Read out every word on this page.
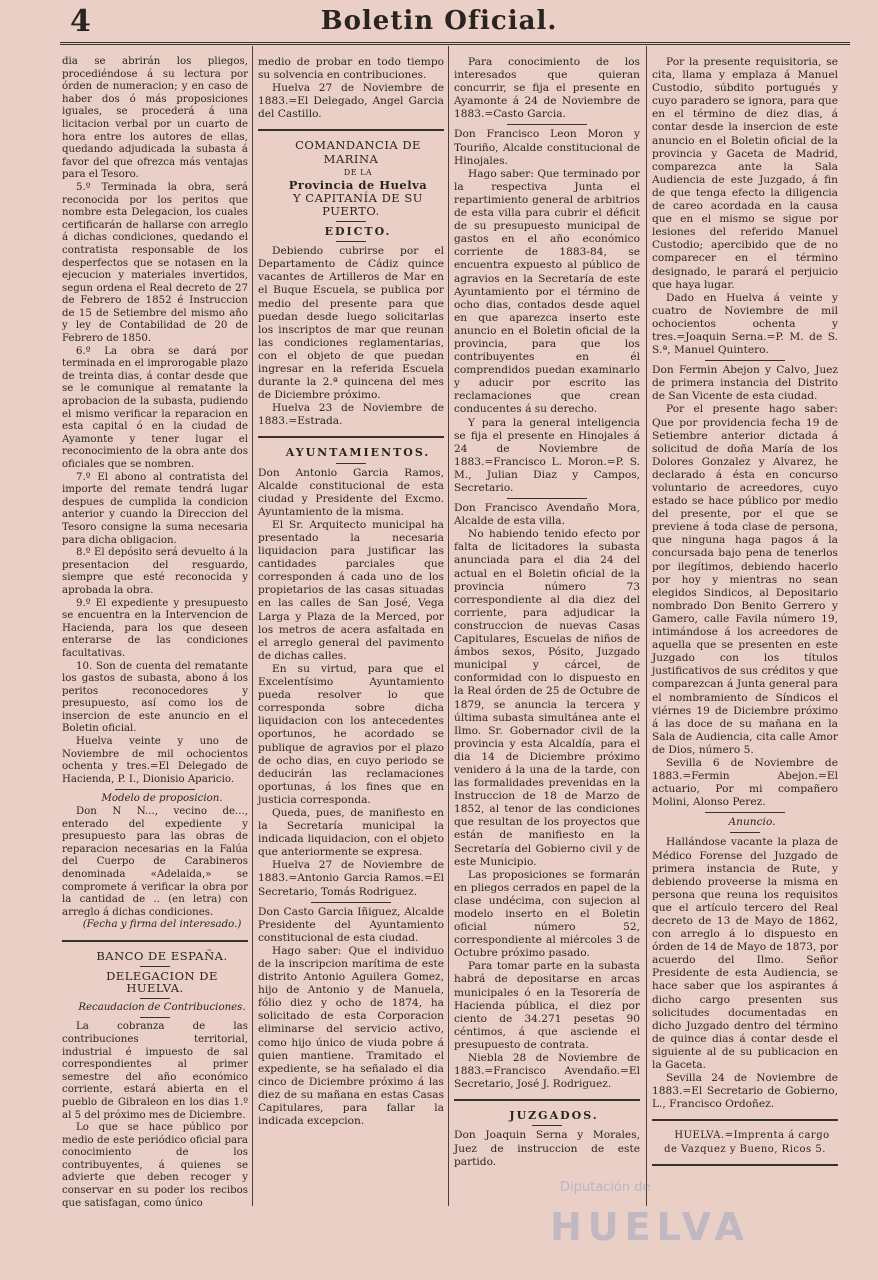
4	Boletin Oficial.

dia se abrirán los pliegos, procediéndose á su lectura por órden de numeracion; y en caso de haber dos ó más proposiciones iguales, se procederá á una licitacion verbal por un cuarto de hora entre los autores de ellas, quedando adjudicada la subasta á favor del que ofrezca más ventajas para el Tesoro.

5.º Terminada la obra, será reconocida por los peritos que nombre esta Delegacion, los cuales certificarán de hallarse con arreglo á dichas condiciones, quedando el contratista responsable de los desperfectos que se notasen en la ejecucion y materiales invertidos, segun ordena el Real decreto de 27 de Febrero de 1852 é Instruccion de 15 de Setiembre del mismo año y ley de Contabilidad de 20 de Febrero de 1850.

6.º La obra se dará por terminada en el improrogable plazo de treinta dias, á contar desde que se le comunique al rematante la aprobacion de la subasta, pudiendo el mismo verificar la reparacion en esta capital ó en la ciudad de Ayamonte y tener lugar el reconocimiento de la obra ante dos oficiales que se nombren.

7.º El abono al contratista del importe del remate tendrá lugar despues de cumplida la condicion anterior y cuando la Direccion del Tesoro consigne la suma necesaria para dicha obligacion.

8.º El depósito será devuelto á la presentacion del resguardo, siempre que esté reconocida y aprobada la obra.

9.º El expediente y presupuesto se encuentra en la Intervencion de Hacienda, para los que deseen enterarse de las condiciones facultativas.

10. Son de cuenta del rematante los gastos de subasta, abono á los peritos reconocedores y presupuesto, así como los de insercion de este anuncio en el Boletin oficial.

Huelva veinte y uno de Noviembre de mil ochocientos ochenta y tres.=El Delegado de Hacienda, P. I., Dionisio Aparicio.

Modelo de proposicion.

Don N N..., vecino de..., enterado del expediente y presupuesto para las obras de reparacion necesarias en la Falúa del Cuerpo de Carabineros denominada «Adelaida,» se compromete á verificar la obra por la cantidad de .. (en letra) con arreglo á dichas condiciones.

(Fecha y firma del interesado.)

BANCO DE ESPAÑA.

DELEGACION DE HUELVA.

Recaudacion de Contribuciones.

La cobranza de las contribuciones territorial, industrial é impuesto de sal correspondientes al primer semestre del año económico corriente, estará abierta en el pueblo de Gibraleon en los dias 1.º al 5 del próximo mes de Diciembre.

Lo que se hace público por medio de este periódico oficial para conocimiento de los contribuyentes, á quienes se advierte que deben recoger y conservar en su poder los recibos que satisfagan, como único

medio de probar en todo tiempo su solvencia en contribuciones.

Huelva 27 de Noviembre de 1883.=El Delegado, Angel Garcia del Castillo.

COMANDANCIA DE MARINA

DE LA

Provincia de Huelva

Y CAPITANÍA DE SU PUERTO.

EDICTO.

Debiendo cubrirse por el Departamento de Cádiz quince vacantes de Artilleros de Mar en el Buque Escuela, se publica por medio del presente para que puedan desde luego solicitarlas los inscriptos de mar que reunan las condiciones reglamentarias, con el objeto de que puedan ingresar en la referida Escuela durante la 2.ª quincena del mes de Diciembre próximo.

Huelva 23 de Noviembre de 1883.=Estrada.

AYUNTAMIENTOS.

Don Antonio Garcia Ramos, Alcalde constitucional de esta ciudad y Presidente del Excmo. Ayuntamiento de la misma.

El Sr. Arquitecto municipal ha presentado la necesaria liquidacion para justificar las cantidades parciales que corresponden á cada uno de los propietarios de las casas situadas en las calles de San José, Vega Larga y Plaza de la Merced, por los metros de acera asfaltada en el arreglo general del pavimento de dichas calles.

En su virtud, para que el Excelentísimo Ayuntamiento pueda resolver lo que corresponda sobre dicha liquidacion con los antecedentes oportunos, he acordado se publique de agravios por el plazo de ocho dias, en cuyo periodo se deducirán las reclamaciones oportunas, á los fines que en justicia corresponda.

Queda, pues, de manifiesto en la Secretaría municipal la indicada liquidacion, con el objeto que anteriormente se expresa.

Huelva 27 de Noviembre de 1883.=Antonio Garcia Ramos.=El Secretario, Tomás Rodriguez.

Don Casto Garcia Iñiguez, Alcalde Presidente del Ayuntamiento constitucional de esta ciudad.

Hago saber: Que el individuo de la inscripcion marítima de este distrito Antonio Aguilera Gomez, hijo de Antonio y de Manuela, fólio diez y ocho de 1874, ha solicitado de esta Corporacion eliminarse del servicio activo, como hijo único de viuda pobre á quien mantiene. Tramitado el expediente, se ha señalado el dia cinco de Diciembre próximo á las diez de su mañana en estas Casas Capitulares, para fallar la indicada excepcion.

Para conocimiento de los interesados que quieran concurrir, se fija el presente en Ayamonte á 24 de Noviembre de 1883.=Casto Garcia.

Don Francisco Leon Moron y Touriño, Alcalde constitucional de Hinojales.

Hago saber: Que terminado por la respectiva Junta el repartimiento general de arbitrios de esta villa para cubrir el déficit de su presupuesto municipal de gastos en el año económico corriente de 1883-84, se encuentra expuesto al público de agravios en la Secretaría de este Ayuntamiento por el término de ocho dias, contados desde aquel en que aparezca inserto este anuncio en el Boletin oficial de la provincia, para que los contribuyentes en él comprendidos puedan examinarlo y aducir por escrito las reclamaciones que crean conducentes á su derecho.

Y para la general inteligencia se fija el presente en Hinojales á 24 de Noviembre de 1883.=Francisco L. Moron.=P. S. M., Julian Diaz y Campos, Secretario.

Don Francisco Avendaño Mora, Alcalde de esta villa.

No habiendo tenido efecto por falta de licitadores la subasta anunciada para el dia 24 del actual en el Boletin oficial de la provincia número 73 correspondiente al dia diez del corriente, para adjudicar la construccion de nuevas Casas Capitulares, Escuelas de niños de ámbos sexos, Pósito, Juzgado municipal y cárcel, de conformidad con lo dispuesto en la Real órden de 25 de Octubre de 1879, se anuncia la tercera y última subasta simultánea ante el Ilmo. Sr. Gobernador civil de la provincia y esta Alcaldía, para el dia 14 de Diciembre próximo venidero á la una de la tarde, con las formalidades prevenidas en la Instruccion de 18 de Marzo de 1852, al tenor de las condiciones que resultan de los proyectos que están de manifiesto en la Secretaría del Gobierno civil y de este Municipio.

Las proposiciones se formarán en pliegos cerrados en papel de la clase undécima, con sujecion al modelo inserto en el Boletin oficial número 52, correspondiente al miércoles 3 de Octubre próximo pasado.

Para tomar parte en la subasta habrá de depositarse en arcas municipales ó en la Tesorería de Hacienda pública, el diez por ciento de 34.271 pesetas 90 céntimos, á que asciende el presupuesto de contrata.

Niebla 28 de Noviembre de 1883.=Francisco Avendaño.=El Secretario, José J. Rodriguez.

JUZGADOS.

Don Joaquin Serna y Morales, Juez de instruccion de este partido.

Por la presente requisitoria, se cita, llama y emplaza á Manuel Custodio, súbdito portugués y cuyo paradero se ignora, para que en el término de diez dias, á contar desde la insercion de este anuncio en el Boletin oficial de la provincia y Gaceta de Madrid, comparezca ante la Sala Audiencia de este Juzgado, á fin de que tenga efecto la diligencia de careo acordada en la causa que en el mismo se sigue por lesiones del referido Manuel Custodio; apercibido que de no comparecer en el término designado, le parará el perjuicio que haya lugar.

Dado en Huelva á veinte y cuatro de Noviembre de mil ochocientos ochenta y tres.=Joaquin Serna.=P. M. de S. S.ª, Manuel Quintero.

Don Fermin Abejon y Calvo, Juez de primera instancia del Distrito de San Vicente de esta ciudad.

Por el presente hago saber: Que por providencia fecha 19 de Setiembre anterior dictada á solicitud de doña María de los Dolores Gonzalez y Alvarez, he declarado á ésta en concurso voluntario de acreedores, cuyo estado se hace público por medio del presente, por el que se previene á toda clase de persona, que ninguna haga pagos á la concursada bajo pena de tenerlos por ilegítimos, debiendo hacerlo por hoy y mientras no sean elegidos Sindicos, al Depositario nombrado Don Benito Gerrero y Gamero, calle Favila número 19, intimándose á los acreedores de aquella que se presenten en este Juzgado con los títulos justificativos de sus créditos y que comparezcan á Junta general para el nombramiento de Síndicos el viérnes 19 de Diciembre próximo á las doce de su mañana en la Sala de Audiencia, cita calle Amor de Dios, número 5.

Sevilla 6 de Noviembre de 1883.=Fermin Abejon.=El actuario, Por mi compañero Molini, Alonso Perez.

Anuncio.

Hallándose vacante la plaza de Médico Forense del Juzgado de primera instancia de Rute, y debiendo proveerse la misma en persona que reuna los requisitos que el artículo tercero del Real decreto de 13 de Mayo de 1862, con arreglo á lo dispuesto en órden de 14 de Mayo de 1873, por acuerdo del Ilmo. Señor Presidente de esta Audiencia, se hace saber que los aspirantes á dicho cargo presenten sus solicitudes documentadas en dicho Juzgado dentro del término de quince dias á contar desde el siguiente al de su publicacion en la Gaceta.

Sevilla 24 de Noviembre de 1883.=El Secretario de Gobierno, L., Francisco Ordoñez.

HUELVA.=Imprenta á cargo de Vazquez y Bueno, Ricos 5.

Diputación de
HUELVA
